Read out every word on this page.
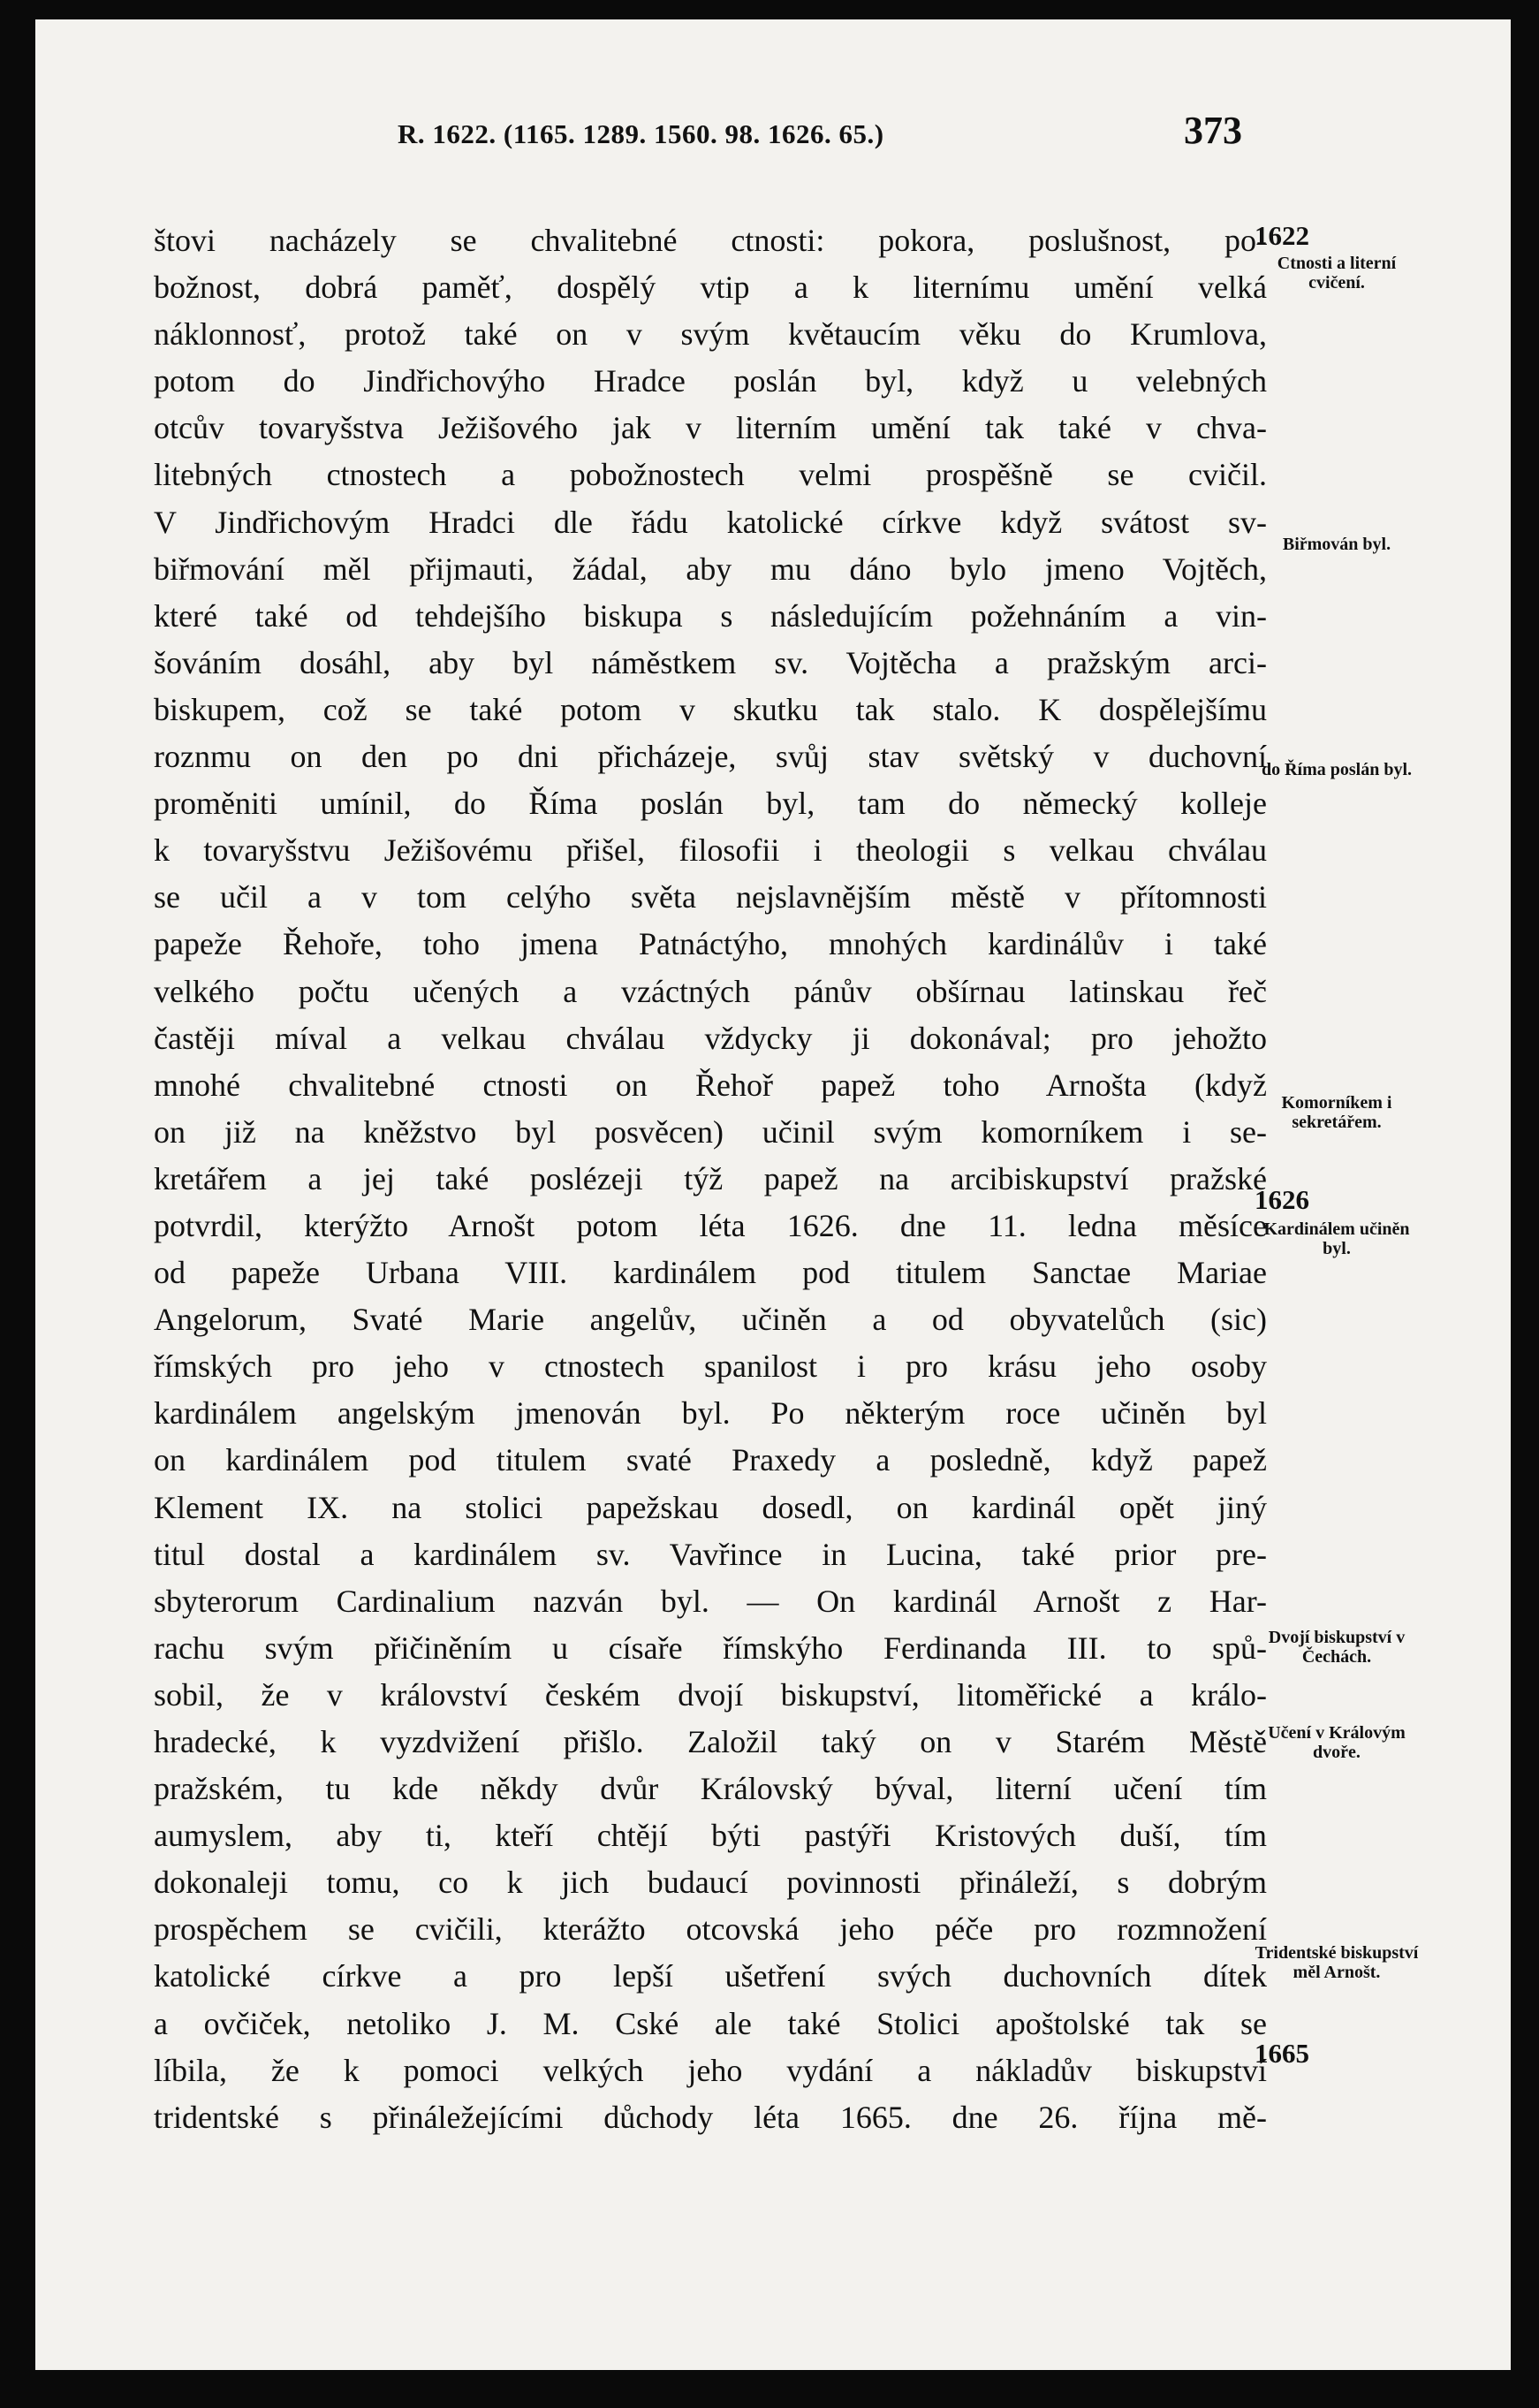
R. 1622. (1165. 1289. 1560. 98. 1626. 65.)	373
štovi nacházely se chvalitebné ctnosti: pokora, poslušnost, po-
božnost, dobrá paměť, dospělý vtip a k liternímu umění velká
náklonnosť, protož také on v svým květaucím věku do Krumlova,
potom do Jindřichovýho Hradce poslán byl, když u velebných
otcův tovaryšstva Ježišového jak v literním umění tak také v chva-
litebných ctnostech a pobožnostech velmi prospěšně se cvičil.
V Jindřichovým Hradci dle řádu katolické církve když svátost sv-
biřmování měl přijmauti, žádal, aby mu dáno bylo jmeno Vojtěch,
které také od tehdejšího biskupa s následujícím požehnáním a vin-
šováním dosáhl, aby byl náměstkem sv. Vojtěcha a pražským arci-
biskupem, což se také potom v skutku tak stalo. K dospělejšímu
roznmu on den po dni přicházeje, svůj stav světský v duchovní
proměniti umínil, do Říma poslán byl, tam do německý kolleje
k tovaryšstvu Ježišovému přišel, filosofii i theologii s velkau chválau
se učil a v tom celýho světa nejslavnějším městě v přítomnosti
papeže Řehoře, toho jmena Patnáctýho, mnohých kardinálův i také
velkého počtu učených a vzáctných pánův obšírnau latinskau řeč
častěji míval a velkau chválau vždycky ji dokonával; pro jehožto
mnohé chvalitebné ctnosti on Řehoř papež toho Arnošta (když
on již na kněžstvo byl posvěcen) učinil svým komorníkem i se-
kretářem a jej také poslézeji týž papež na arcibiskupství pražské
potvrdil, kterýžto Arnošt potom léta 1626. dne 11. ledna měsíce
od papeže Urbana VIII. kardinálem pod titulem Sanctae Mariae
Angelorum, Svaté Marie angelův, učiněn a od obyvatelůch (sic)
římských pro jeho v ctnostech spanilost i pro krásu jeho osoby
kardinálem angelským jmenován byl. Po některým roce učiněn byl
on kardinálem pod titulem svaté Praxedy a posledně, když papež
Klement IX. na stolici papežskau dosedl, on kardinál opět jiný
titul dostal a kardinálem sv. Vavřince in Lucina, také prior pre-
sbyterorum Cardinalium nazván byl. — On kardinál Arnošt z Har-
rachu svým přičiněním u císaře římskýho Ferdinanda III. to spů-
sobil, že v království českém dvojí biskupství, litoměřické a králo-
hradecké, k vyzdvižení přišlo. Založil taký on v Starém Městě
pražském, tu kde někdy dvůr Královský býval, literní učení tím
aumyslem, aby ti, kteří chtějí býti pastýři Kristových duší, tím
dokonaleji tomu, co k jich budaucí povinnosti přináleží, s dobrým
prospěchem se cvičili, kterážto otcovská jeho péče pro rozmnožení
katolické církve a pro lepší ušetření svých duchovních dítek
a ovčiček, netoliko J. M. Cské ale také Stolici apoštolské tak se
líbila, že k pomoci velkých jeho vydání a nákladův biskupství
tridentské s přináležejícími důchody léta 1665. dne 26. října mě-
1622
Ctnosti a literní cvičení.
Biřmován byl.
do Říma poslán byl.
Komorníkem i sekretářem.
1626
Kardinálem učiněn byl.
Dvojí biskupství v Čechách.
Učení v Královým dvoře.
Tridentské biskupství měl Arnošt.
1665
